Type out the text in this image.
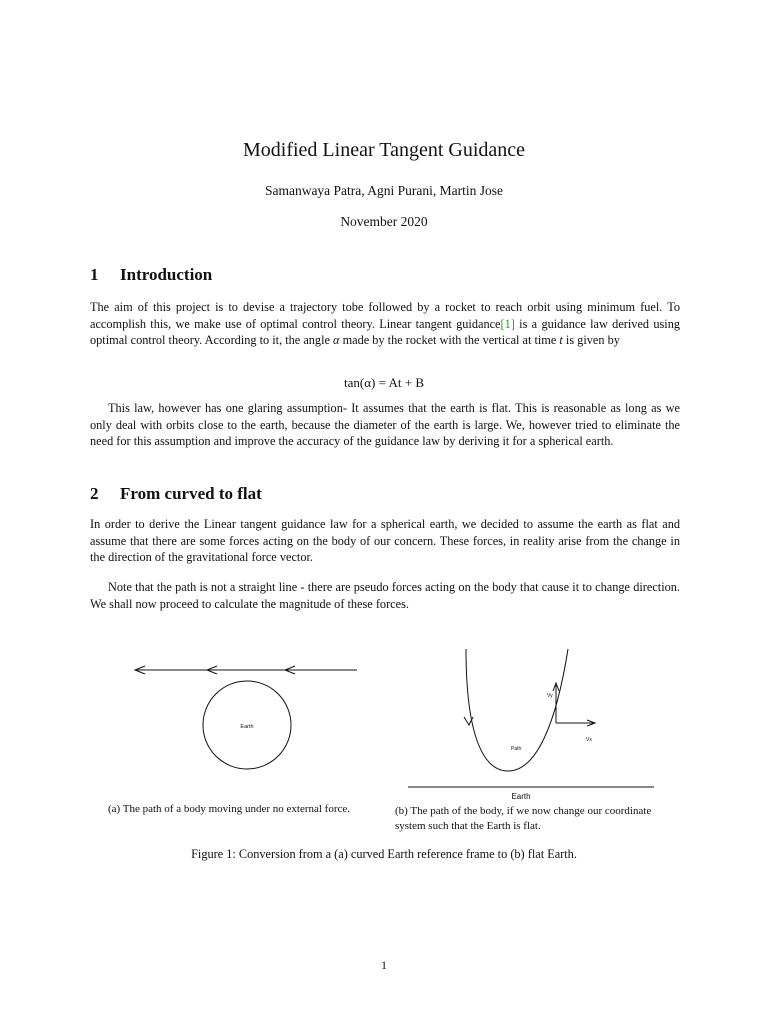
Modified Linear Tangent Guidance
Samanwaya Patra, Agni Purani, Martin Jose
November 2020
1 Introduction
The aim of this project is to devise a trajectory tobe followed by a rocket to reach orbit using minimum fuel. To accomplish this, we make use of optimal control theory. Linear tangent guidance[1] is a guidance law derived using optimal control theory. According to it, the angle α made by the rocket with the vertical at time t is given by
tan(α) = At + B
This law, however has one glaring assumption- It assumes that the earth is flat. This is reasonable as long as we only deal with orbits close to the earth, because the diameter of the earth is large. We, however tried to eliminate the need for this assumption and improve the accuracy of the guidance law by deriving it for a spherical earth.
2 From curved to flat
In order to derive the Linear tangent guidance law for a spherical earth, we decided to assume the earth as flat and assume that there are some forces acting on the body of our concern. These forces, in reality arise from the change in the direction of the gravitational force vector.
Note that the path is not a straight line - there are pseudo forces acting on the body that cause it to change direction. We shall now proceed to calculate the magnitude of these forces.
Earth
Vy
Vx
Path
Earth
(a) The path of a body moving under no external force.	(b) The path of the body, if we now change our coordinate system such that the Earth is flat.
Figure 1: Conversion from a (a) curved Earth reference frame to (b) flat Earth.
1
